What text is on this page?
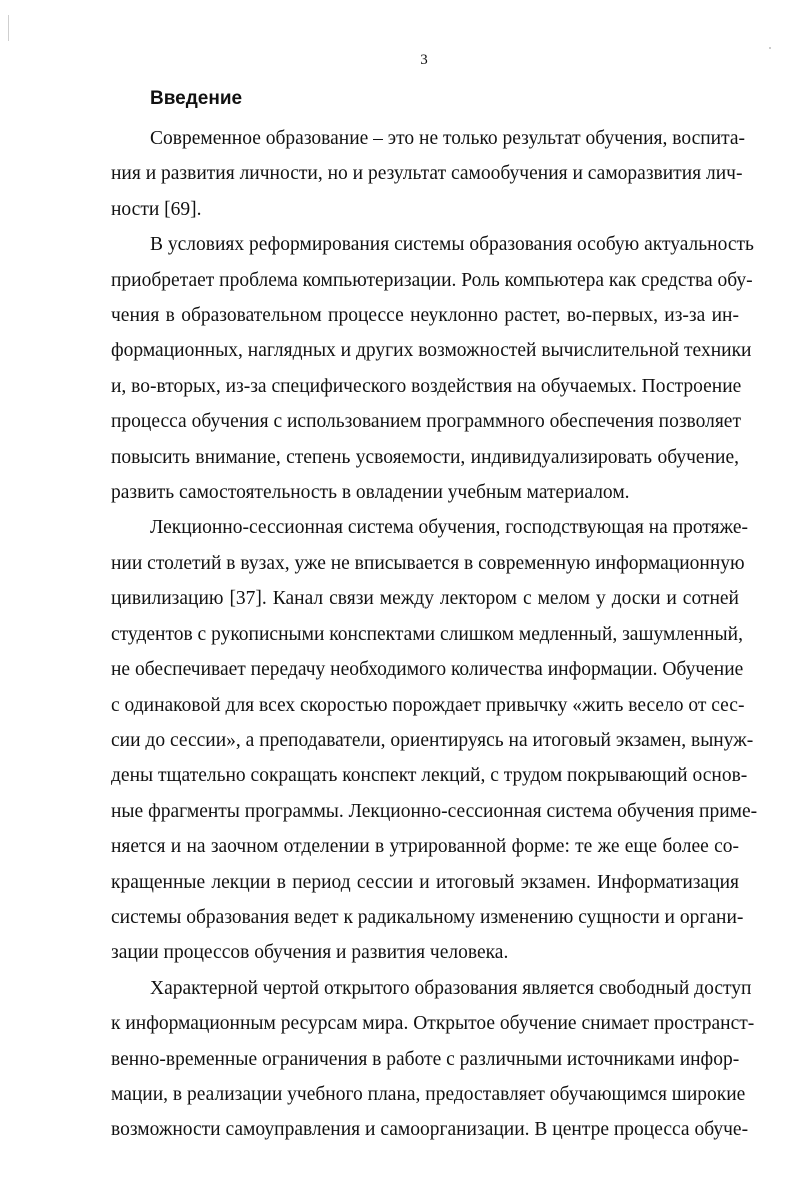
3
Введение

Современное образование – это не только результат обучения, воспита-
ния и развития личности, но и результат самообучения и саморазвития лич-
ности [69].

В условиях реформирования системы образования особую актуальность
приобретает проблема компьютеризации. Роль компьютера как средства обу-
чения в образовательном процессе неуклонно растет, во-первых, из-за ин-
формационных, наглядных и других возможностей вычислительной техники
и, во-вторых, из-за специфического воздействия на обучаемых. Построение
процесса обучения с использованием программного обеспечения позволяет
повысить внимание, степень усвояемости, индивидуализировать обучение,
развить самостоятельность в овладении учебным материалом.

Лекционно-сессионная система обучения, господствующая на протяже-
нии столетий в вузах, уже не вписывается в современную информационную
цивилизацию [37]. Канал связи между лектором с мелом у доски и сотней
студентов с рукописными конспектами слишком медленный, зашумленный,
не обеспечивает передачу необходимого количества информации. Обучение
с одинаковой для всех скоростью порождает привычку «жить весело от сес-
сии до сессии», а преподаватели, ориентируясь на итоговый экзамен, вынуж-
дены тщательно сокращать конспект лекций, с трудом покрывающий основ-
ные фрагменты программы. Лекционно-сессионная система обучения приме-
няется и на заочном отделении в утрированной форме: те же еще более со-
кращенные лекции в период сессии и итоговый экзамен. Информатизация
системы образования ведет к радикальному изменению сущности и органи-
зации процессов обучения и развития человека.

Характерной чертой открытого образования является свободный доступ
к информационным ресурсам мира. Открытое обучение снимает пространст-
венно-временные ограничения в работе с различными источниками инфор-
мации, в реализации учебного плана, предоставляет обучающимся широкие
возможности самоуправления и самоорганизации. В центре процесса обуче-
